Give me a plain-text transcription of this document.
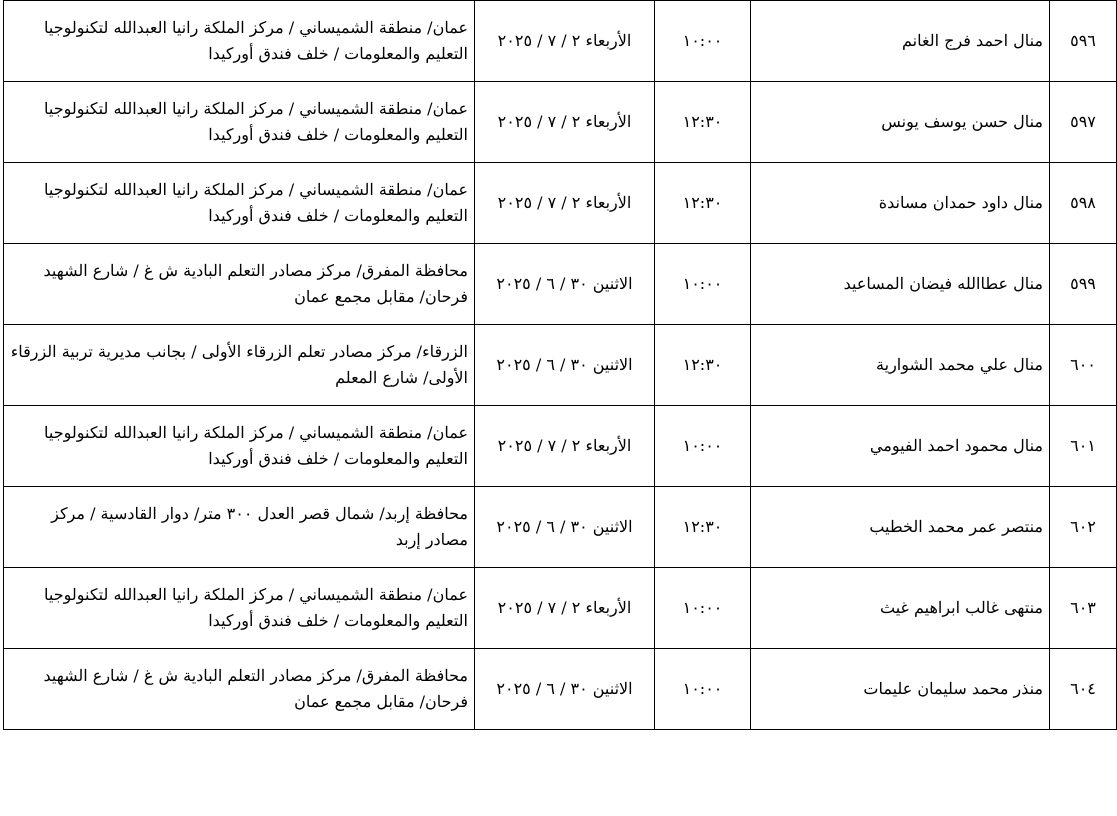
٥٩٦	منال احمد فرج الغانم	١٠:٠٠	الأربعاء ٢ / ٧ / ٢٠٢٥	عمان/ منطقة الشميساني / مركز الملكة رانيا العبدالله لتكنولوجيا التعليم والمعلومات / خلف فندق أوركيدا
٥٩٧	منال حسن يوسف يونس	١٢:٣٠	الأربعاء ٢ / ٧ / ٢٠٢٥	عمان/ منطقة الشميساني / مركز الملكة رانيا العبدالله لتكنولوجيا التعليم والمعلومات / خلف فندق أوركيدا
٥٩٨	منال داود حمدان مساندة	١٢:٣٠	الأربعاء ٢ / ٧ / ٢٠٢٥	عمان/ منطقة الشميساني / مركز الملكة رانيا العبدالله لتكنولوجيا التعليم والمعلومات / خلف فندق أوركيدا
٥٩٩	منال عطاالله فيضان المساعيد	١٠:٠٠	الاثنين ٣٠ / ٦ / ٢٠٢٥	محافظة المفرق/ مركز مصادر التعلم البادية ش غ / شارع الشهيد فرحان/ مقابل مجمع عمان
٦٠٠	منال علي محمد الشوارية	١٢:٣٠	الاثنين ٣٠ / ٦ / ٢٠٢٥	الزرقاء/ مركز مصادر تعلم الزرقاء الأولى / بجانب مديرية تربية الزرقاء الأولى/ شارع المعلم
٦٠١	منال محمود احمد الفيومي	١٠:٠٠	الأربعاء ٢ / ٧ / ٢٠٢٥	عمان/ منطقة الشميساني / مركز الملكة رانيا العبدالله لتكنولوجيا التعليم والمعلومات / خلف فندق أوركيدا
٦٠٢	منتصر عمر محمد الخطيب	١٢:٣٠	الاثنين ٣٠ / ٦ / ٢٠٢٥	محافظة إربد/ شمال قصر العدل ٣٠٠ متر/ دوار القادسية / مركز مصادر إربد
٦٠٣	منتهى غالب ابراهيم غيث	١٠:٠٠	الأربعاء ٢ / ٧ / ٢٠٢٥	عمان/ منطقة الشميساني / مركز الملكة رانيا العبدالله لتكنولوجيا التعليم والمعلومات / خلف فندق أوركيدا
٦٠٤	منذر محمد سليمان عليمات	١٠:٠٠	الاثنين ٣٠ / ٦ / ٢٠٢٥	محافظة المفرق/ مركز مصادر التعلم البادية ش غ / شارع الشهيد فرحان/ مقابل مجمع عمان
